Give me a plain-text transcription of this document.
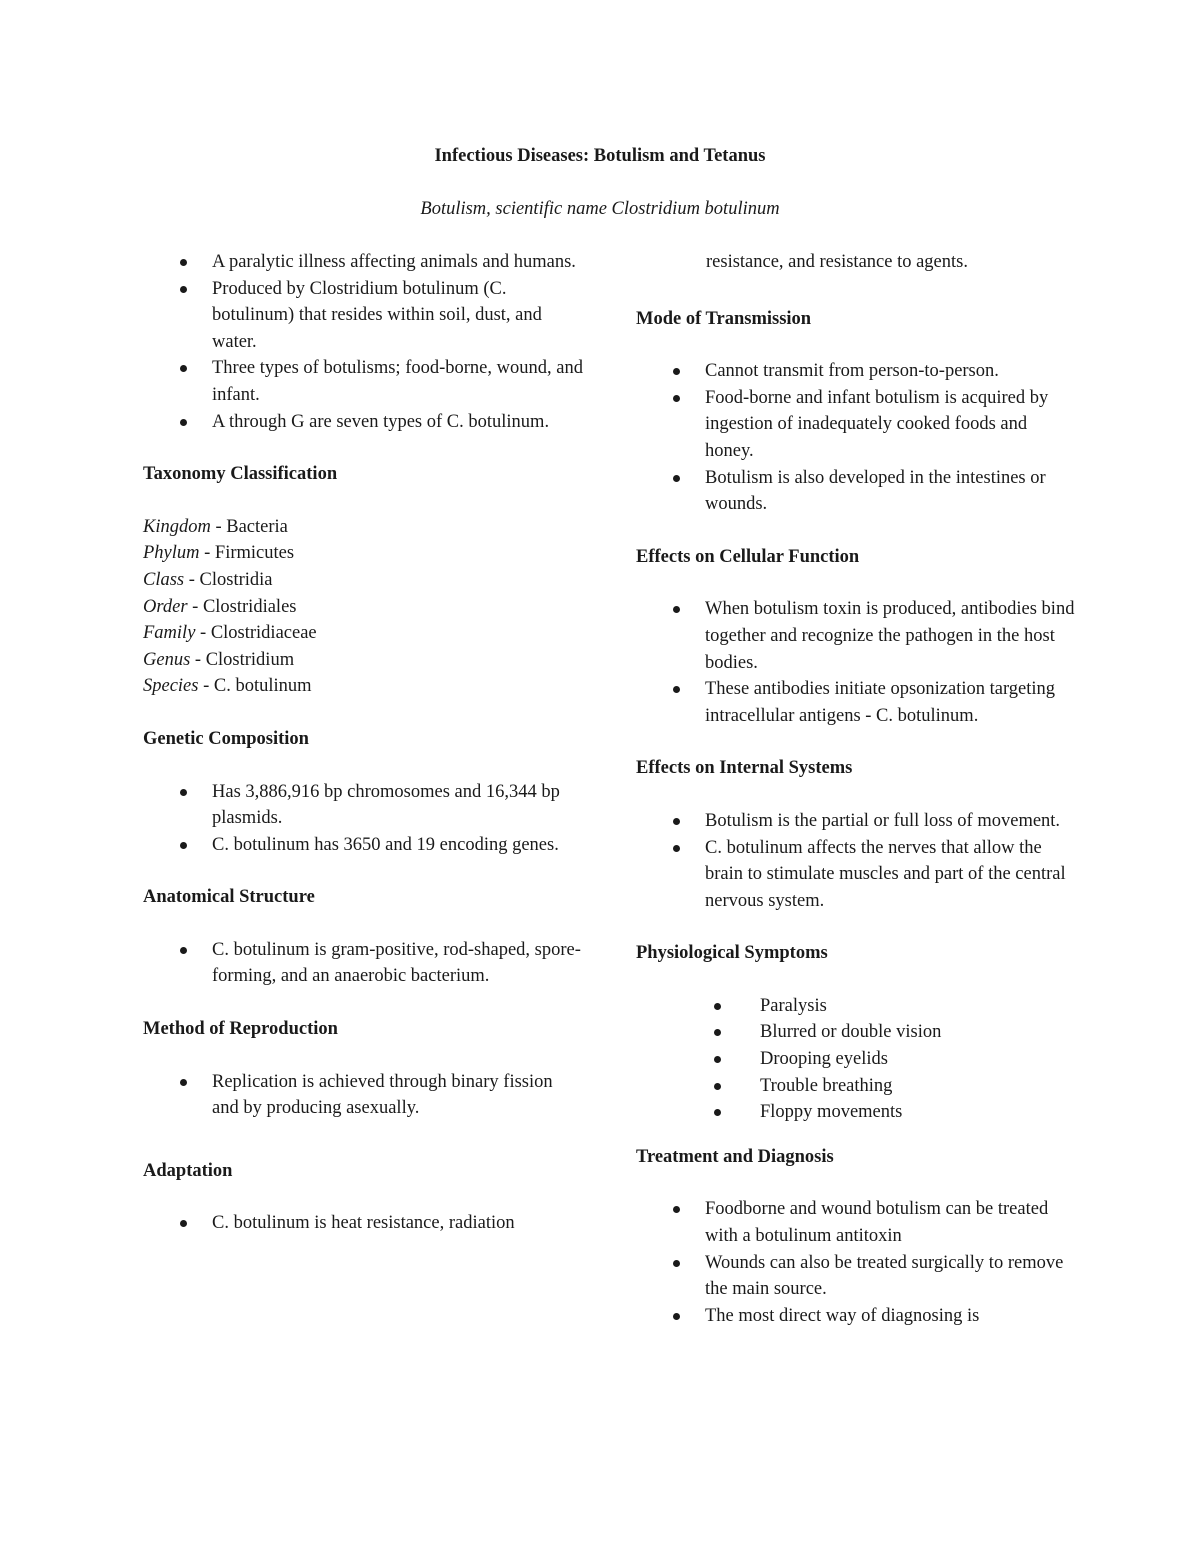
Infectious Diseases: Botulism and Tetanus
Botulism, scientific name Clostridium botulinum
A paralytic illness affecting animals and humans.
Produced by Clostridium botulinum (C. botulinum) that resides within soil, dust, and water.
Three types of botulisms; food-borne, wound, and infant.
A through G are seven types of C. botulinum.
Taxonomy Classification
Kingdom - Bacteria
Phylum - Firmicutes
Class - Clostridia
Order - Clostridiales
Family - Clostridiaceae
Genus - Clostridium
Species - C. botulinum
Genetic Composition
Has 3,886,916 bp chromosomes and 16,344 bp plasmids.
C. botulinum has 3650 and 19 encoding genes.
Anatomical Structure
C. botulinum is gram-positive, rod-shaped, spore-forming, and an anaerobic bacterium.
Method of Reproduction
Replication is achieved through binary fission and by producing asexually.
Adaptation
C. botulinum is heat resistance, radiation

resistance, and resistance to agents.

Mode of Transmission
Cannot transmit from person-to-person.
Food-borne and infant botulism is acquired by ingestion of inadequately cooked foods and honey.
Botulism is also developed in the intestines or wounds.
Effects on Cellular Function
When botulism toxin is produced, antibodies bind together and recognize the pathogen in the host bodies.
These antibodies initiate opsonization targeting intracellular antigens - C. botulinum.
Effects on Internal Systems
Botulism is the partial or full loss of movement.
C. botulinum affects the nerves that allow the brain to stimulate muscles and part of the central nervous system.
Physiological Symptoms
Paralysis
Blurred or double vision
Drooping eyelids
Trouble breathing
Floppy movements
Treatment and Diagnosis
Foodborne and wound botulism can be treated with a botulinum antitoxin
Wounds can also be treated surgically to remove the main source.
The most direct way of diagnosing is
